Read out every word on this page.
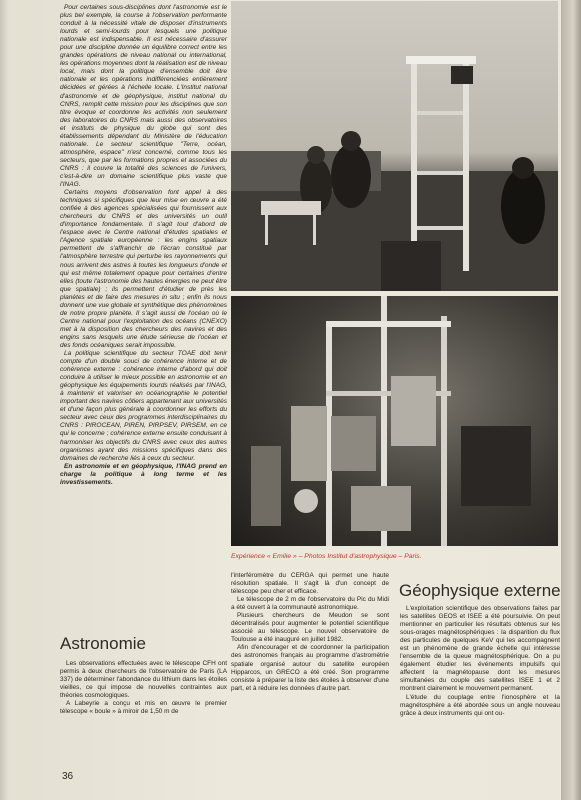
Pour certaines sous-disciplines dont l'astronomie est le plus bel exemple, la course à l'observation performante conduit à la nécessité vitale de disposer d'instruments lourds et semi-lourds pour lesquels une politique nationale est indispensable. Il est nécessaire d'assurer pour une discipline donnée un équilibre correct entre les grandes opérations de niveau national ou international, les opérations moyennes dont la réalisation est de niveau local, mais dont la politique d'ensemble doit être nationale et les opérations indifférenciées entièrement décidées et gérées à l'échelle locale. L'Institut national d'astronomie et de géophysique, institut national du CNRS, remplit cette mission pour les disciplines que son titre évoque et coordonne les activités non seulement des laboratoires du CNRS mais aussi des observatoires et instituts de physique du globe qui sont des établissements dépendant du Ministère de l'éducation nationale. Le secteur scientifique "Terre, océan, atmosphère, espace" n'est concerné, comme tous les secteurs, que par les formations propres et associées du CNRS : il couvre la totalité des sciences de l'univers, c'est-à-dire un domaine scientifique plus vaste que l'INAG.

Certains moyens d'observation font appel à des techniques si spécifiques que leur mise en œuvre a été confiée à des agences spécialisées qui fournissent aux chercheurs du CNRS et des universités un outil d'importance fondamentale. Il s'agit tout d'abord de l'espace avec le Centre national d'études spatiales et l'Agence spatiale européenne : les engins spatiaux permettent de s'affranchir de l'écran constitué par l'atmosphère terrestre qui perturbe les rayonnements qui nous arrivent des astres à toutes les longueurs d'onde et qui est même totalement opaque pour certaines d'entre elles (toute l'astronomie des hautes énergies ne peut être que spatiale) ; ils permettent d'étudier de près les planètes et de faire des mesures in situ ; enfin ils nous donnent une vue globale et synthétique des phénomènes de notre propre planète. Il s'agit aussi de l'océan où le Centre national pour l'exploitation des océans (CNEXO) met à la disposition des chercheurs des navires et des engins sans lesquels une étude sérieuse de l'océan et des fonds océaniques serait impossible.

La politique scientifique du secteur TOAE doit tenir compte d'un double souci de cohérence interne et de cohérence externe : cohérence interne d'abord qui doit conduire à utiliser le mieux possible en astronomie et en géophysique les équipements lourds réalisés par l'INAG, à maintenir et valoriser en océanographie le potentiel important des navires côtiers appartenant aux universités et d'une façon plus générale à coordonner les efforts du secteur avec ceux des programmes interdisciplinaires du CNRS : PIROCEAN, PIREN, PIRPSEV, PIRSEM, en ce qui le concerne ; cohérence externe ensuite conduisant à harmoniser les objectifs du CNRS avec ceux des autres organismes ayant des missions spécifiques dans des domaines de recherche liés à ceux du secteur.

En astronomie et en géophysique, l'INAG prend en charge la politique à long terme et les investissements.

Expérience « Emilie » – Photos Institut d'astrophysique – Paris.
Astronomie

Les observations effectuées avec le télescope CFH ont permis à deux chercheurs de l'observatoire de Paris (LA 337) de déterminer l'abondance du lithium dans les étoiles vieilles, ce qui impose de nouvelles contraintes aux théories cosmologiques.

A Labeyrie a conçu et mis en œuvre le premier télescope « boule » à miroir de 1,50 m de

l'interféromètre du CERGA qui permet une haute résolution spatiale. Il s'agit là d'un concept de télescope peu cher et efficace.

Le télescope de 2 m de l'observatoire du Pic du Midi a été ouvert à la communauté astronomique.

Plusieurs chercheurs de Meudon se sont décentralisés pour augmenter le potentiel scientifique associé au télescope. Le nouvel observatoire de Toulouse a été inauguré en juillet 1982.

Afin d'encourager et de coordonner la participation des astronomes français au programme d'astrométrie spatiale organisé autour du satellite européen Hipparcos, un GRECO a été créé. Son programme consiste à préparer la liste des étoiles à observer d'une part, et à réduire les données d'autre part.

Géophysique externe

L'exploitation scientifique des observations faites par les satellites GEOS et ISEE a été poursuivie. On peut mentionner en particulier les résultats obtenus sur les sous-orages magnétosphériques : la disparition du flux des particules de quelques KeV qui les accompagnent est un phénomène de grande échelle qui intéresse l'ensemble de la queue magnétosphérique. On a pu également étudier les événements impulsifs qui affectent la magnétopause dont les mesures simultanées du couple des satellites ISEE 1 et 2 montrent clairement le mouvement permanent.

L'étude du couplage entre l'ionosphère et la magnétosphère a été abordée sous un angle nouveau grâce à deux instruments qui ont ou-

36
